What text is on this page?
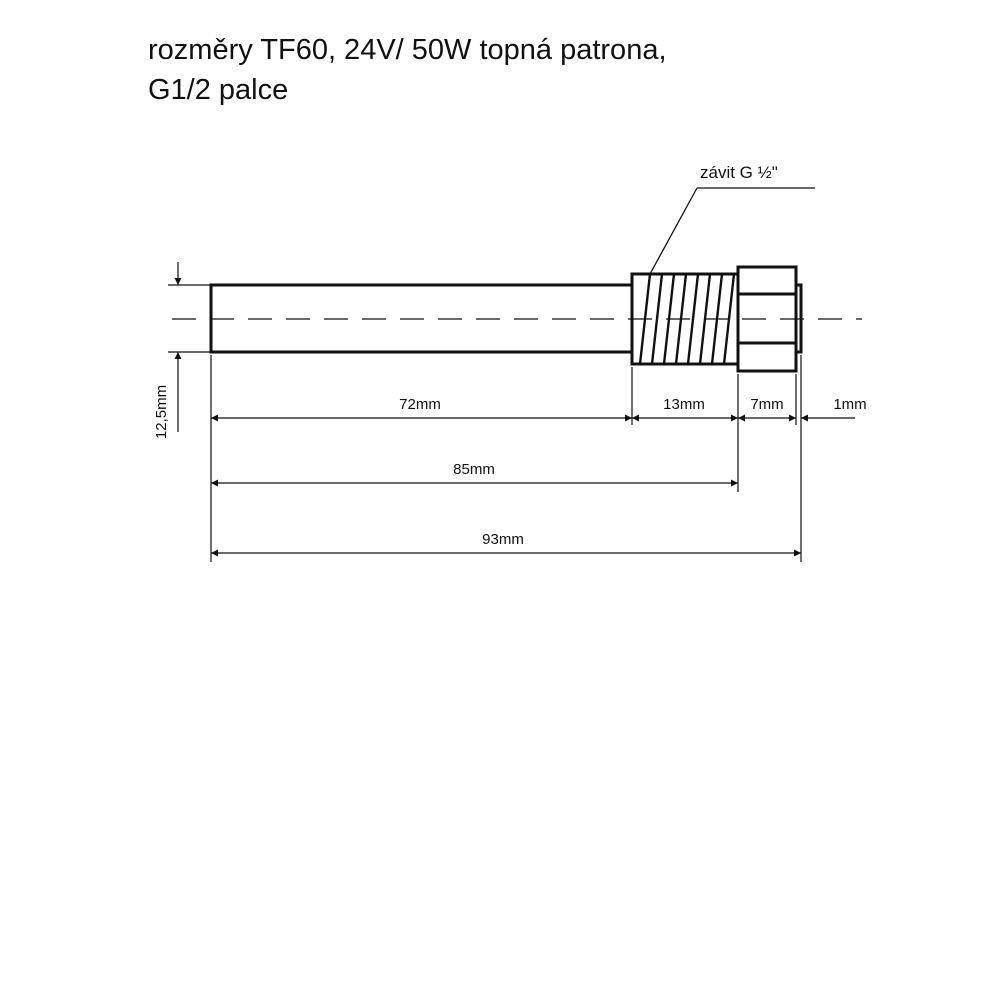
rozměry TF60, 24V/ 50W topná patrona,
G1/2 palce
závit G ½"
12,5mm	72mm	13mm	7mm	1mm
85mm
93mm
